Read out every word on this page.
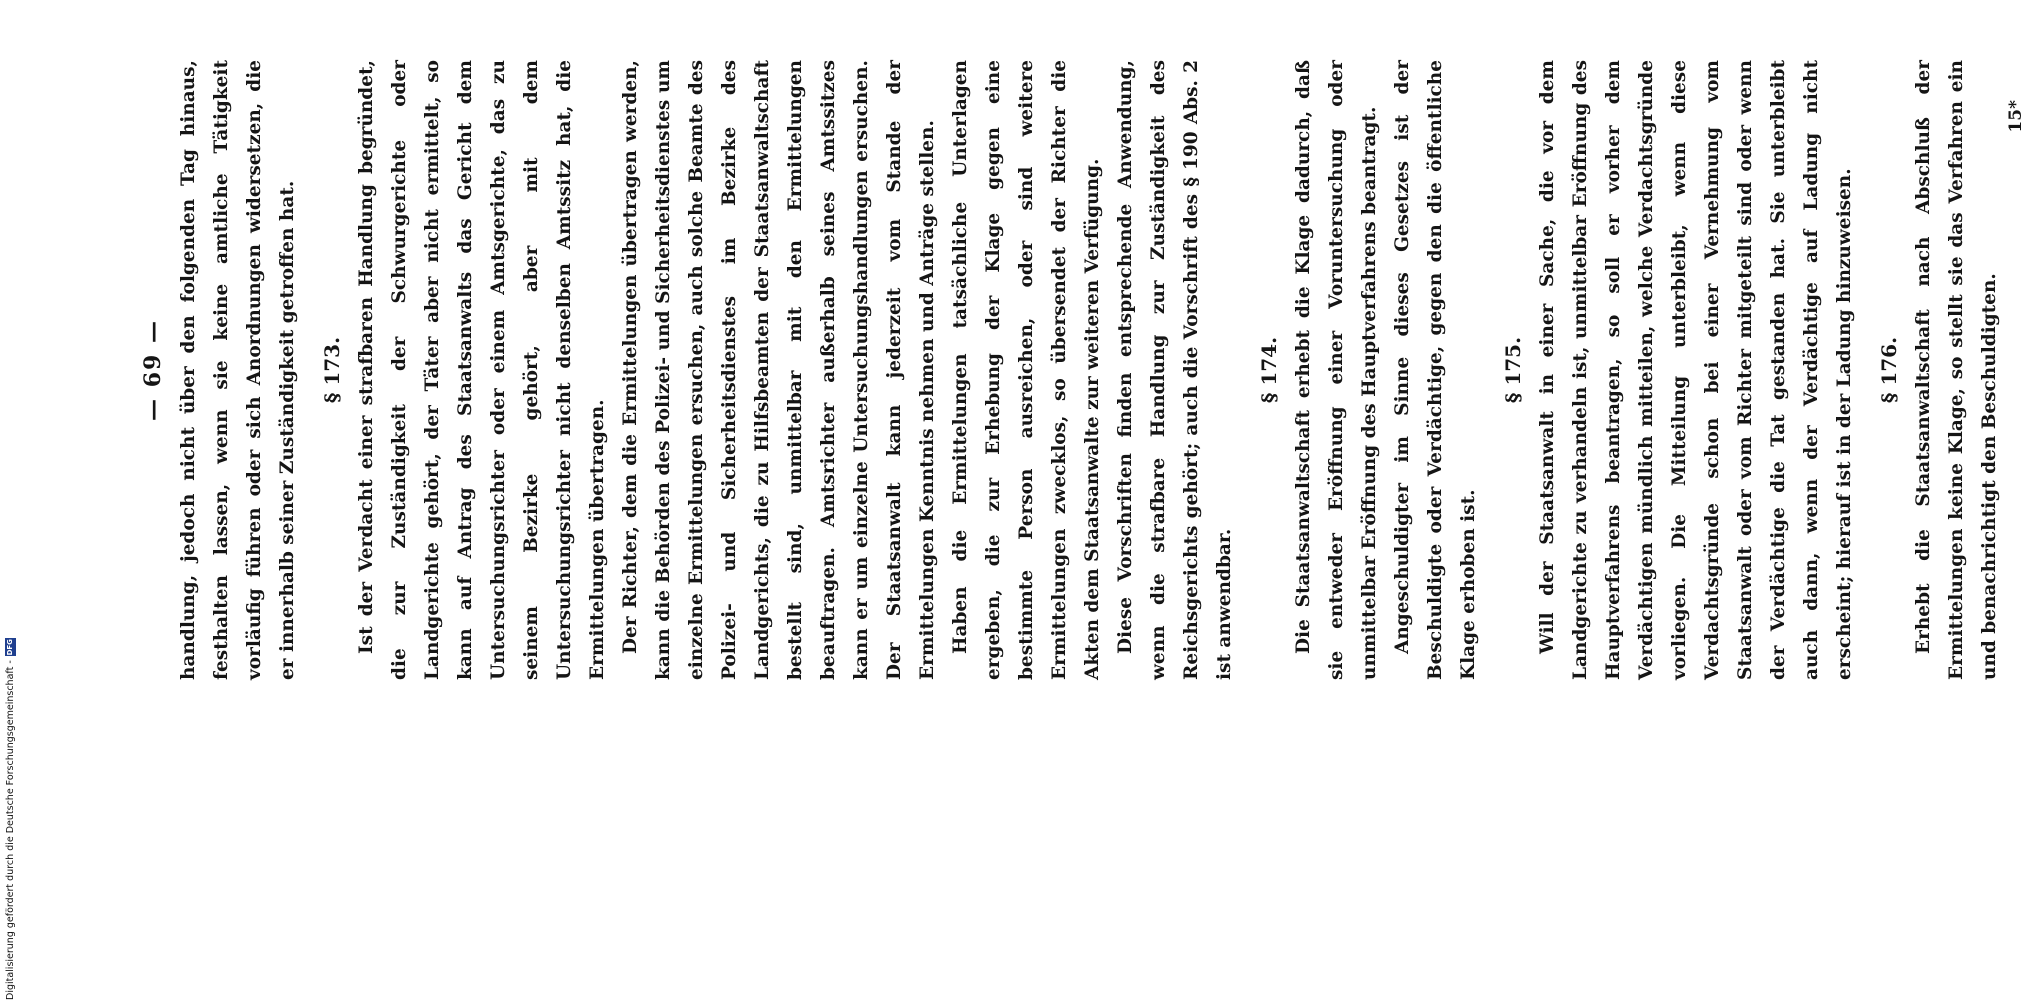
— 69 — handlung, jedoch nicht über den folgenden Tag hinaus, festhalten lassen, wenn sie keine amtliche Tätigkeit vorläufig führen oder sich Anordnungen widersetzen, die er innerhalb seiner Zuständigkeit getroffen hat.	§ 173. Ist der Verdacht einer strafbaren Handlung begründet, die zur Zuständigkeit der Schwurgerichte oder Landgerichte gehört, der Täter aber nicht ermittelt, so kann auf Antrag des Staatsanwalts das Gericht dem Untersuchungsrichter oder einem Amtsgerichte, das zu seinem Bezirke gehört, aber mit dem Untersuchungsrichter nicht denselben Amtssitz hat, die Ermittelungen übertragen. Der Richter, dem die Ermittelungen übertragen werden, kann die Behörden des Polizei- und Sicherheitsdienstes um einzelne Ermittelungen ersuchen, auch solche Beamte des Polizei- und Sicherheitsdienstes im Bezirke des Landgerichts, die zu Hilfsbeamten der Staatsanwaltschaft bestellt sind, unmittelbar mit den Ermittelungen beauftragen. Amtsrichter außerhalb seines Amtssitzes kann er um einzelne Untersuchungshandlungen ersuchen. Der Staatsanwalt kann jederzeit vom Stande der Ermittelungen Kenntnis nehmen und Anträge stellen. Haben die Ermittelungen tatsächliche Unterlagen ergeben, die zur Erhebung der Klage gegen eine bestimmte Person ausreichen, oder sind weitere Ermittelungen zwecklos, so übersendet der Richter die Akten dem Staatsanwalte zur weiteren Verfügung. Diese Vorschriften finden entsprechende Anwendung, wenn die strafbare Handlung zur Zuständigkeit des Reichsgerichts gehört; auch die Vorschrift des § 190 Abs. 2 ist anwendbar.

§ 174. Die Staatsanwaltschaft erhebt die Klage dadurch, daß sie entweder Eröffnung einer Voruntersuchung oder unmittelbar Eröffnung des Hauptverfahrens beantragt. Angeschuldigter im Sinne dieses Gesetzes ist der Beschuldigte oder Verdächtige, gegen den die öffentliche Klage erhoben ist.

§ 175. Will der Staatsanwalt in einer Sache, die vor dem Landgerichte zu verhandeln ist, unmittelbar Eröffnung des Hauptverfahrens beantragen, so soll er vorher dem Verdächtigen mündlich mitteilen, welche Verdachtsgründe vorliegen. Die Mitteilung unterbleibt, wenn diese Verdachtsgründe schon bei einer Vernehmung vom Staatsanwalt oder vom Richter mitgeteilt sind oder wenn der Verdächtige die Tat gestanden hat. Sie unterbleibt auch dann, wenn der Verdächtige auf Ladung nicht erscheint; hierauf ist in der Ladung hinzuweisen.	§ 176. Erhebt die Staatsanwaltschaft nach Abschluß der Ermittelungen keine Klage, so stellt sie das Verfahren ein und benachrichtigt den Beschuldigten.

15*
Digitalisierung gefördert durch die Deutsche Forschungsgemeinschaft -
DFG
